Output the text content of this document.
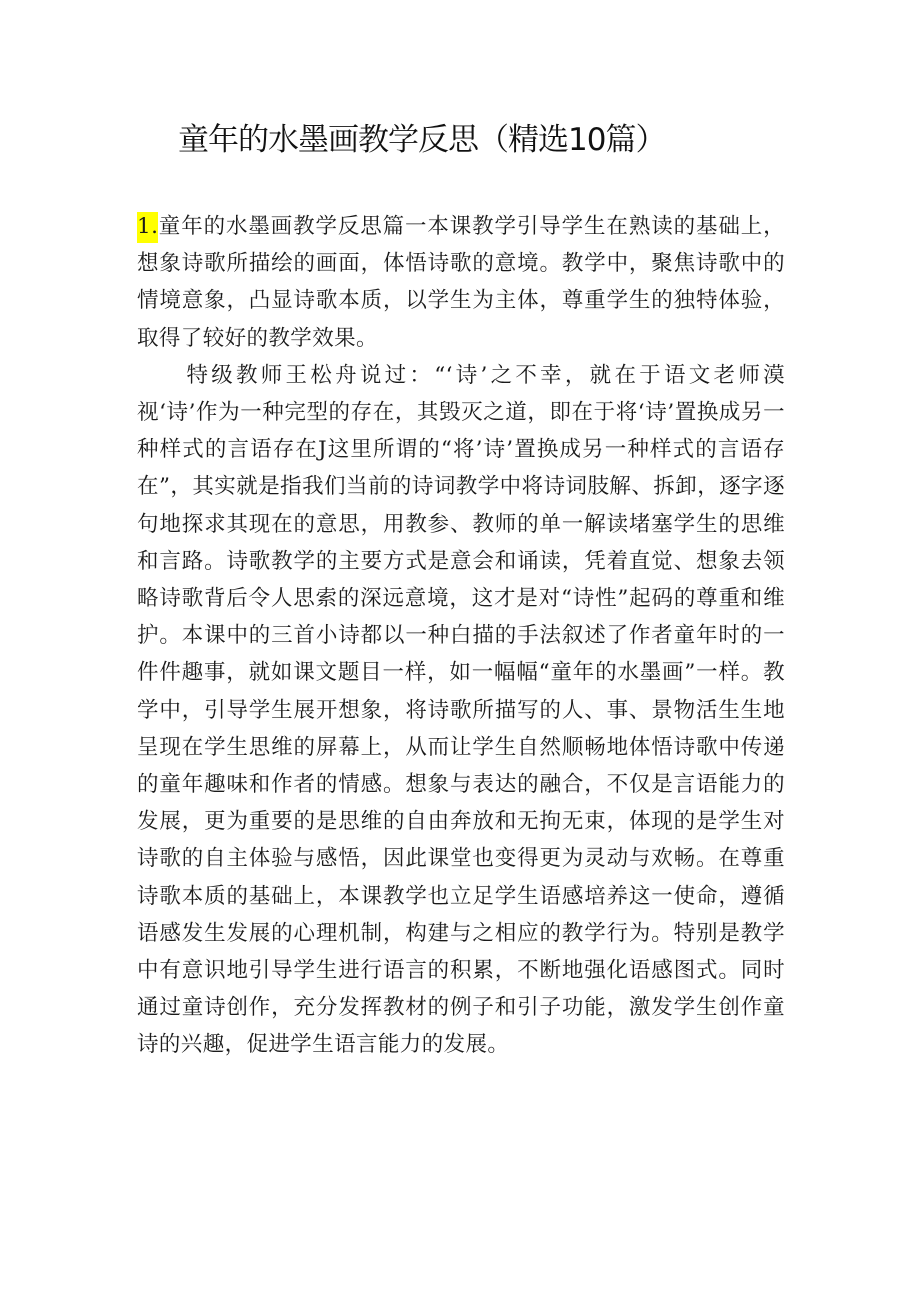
童年的水墨画教学反思（精选10篇）

1.童年的水墨画教学反思篇一本课教学引导学生在熟读的基础上，想象诗歌所描绘的画面，体悟诗歌的意境。教学中，聚焦诗歌中的情境意象，凸显诗歌本质，以学生为主体，尊重学生的独特体验，取得了较好的教学效果。

特级教师王松舟说过：“‘诗’之不幸，就在于语文老师漠视‘诗’作为一种完型的存在，其毁灭之道，即在于将‘诗’置换成另一种样式的言语存在J这里所谓的“将’诗’置换成另一种样式的言语存在”，其实就是指我们当前的诗词教学中将诗词肢解、拆卸，逐字逐句地探求其现在的意思，用教参、教师的单一解读堵塞学生的思维和言路。诗歌教学的主要方式是意会和诵读，凭着直觉、想象去领略诗歌背后令人思索的深远意境，这才是对“诗性”起码的尊重和维护。本课中的三首小诗都以一种白描的手法叙述了作者童年时的一件件趣事，就如课文题目一样，如一幅幅“童年的水墨画”一样。教学中，引导学生展开想象，将诗歌所描写的人、事、景物活生生地呈现在学生思维的屏幕上，从而让学生自然顺畅地体悟诗歌中传递的童年趣味和作者的情感。想象与表达的融合，不仅是言语能力的发展，更为重要的是思维的自由奔放和无拘无束，体现的是学生对诗歌的自主体验与感悟，因此课堂也变得更为灵动与欢畅。在尊重诗歌本质的基础上，本课教学也立足学生语感培养这一使命，遵循语感发生发展的心理机制，构建与之相应的教学行为。特别是教学中有意识地引导学生进行语言的积累，不断地强化语感图式。同时通过童诗创作，充分发挥教材的例子和引子功能，激发学生创作童诗的兴趣，促进学生语言能力的发展。
